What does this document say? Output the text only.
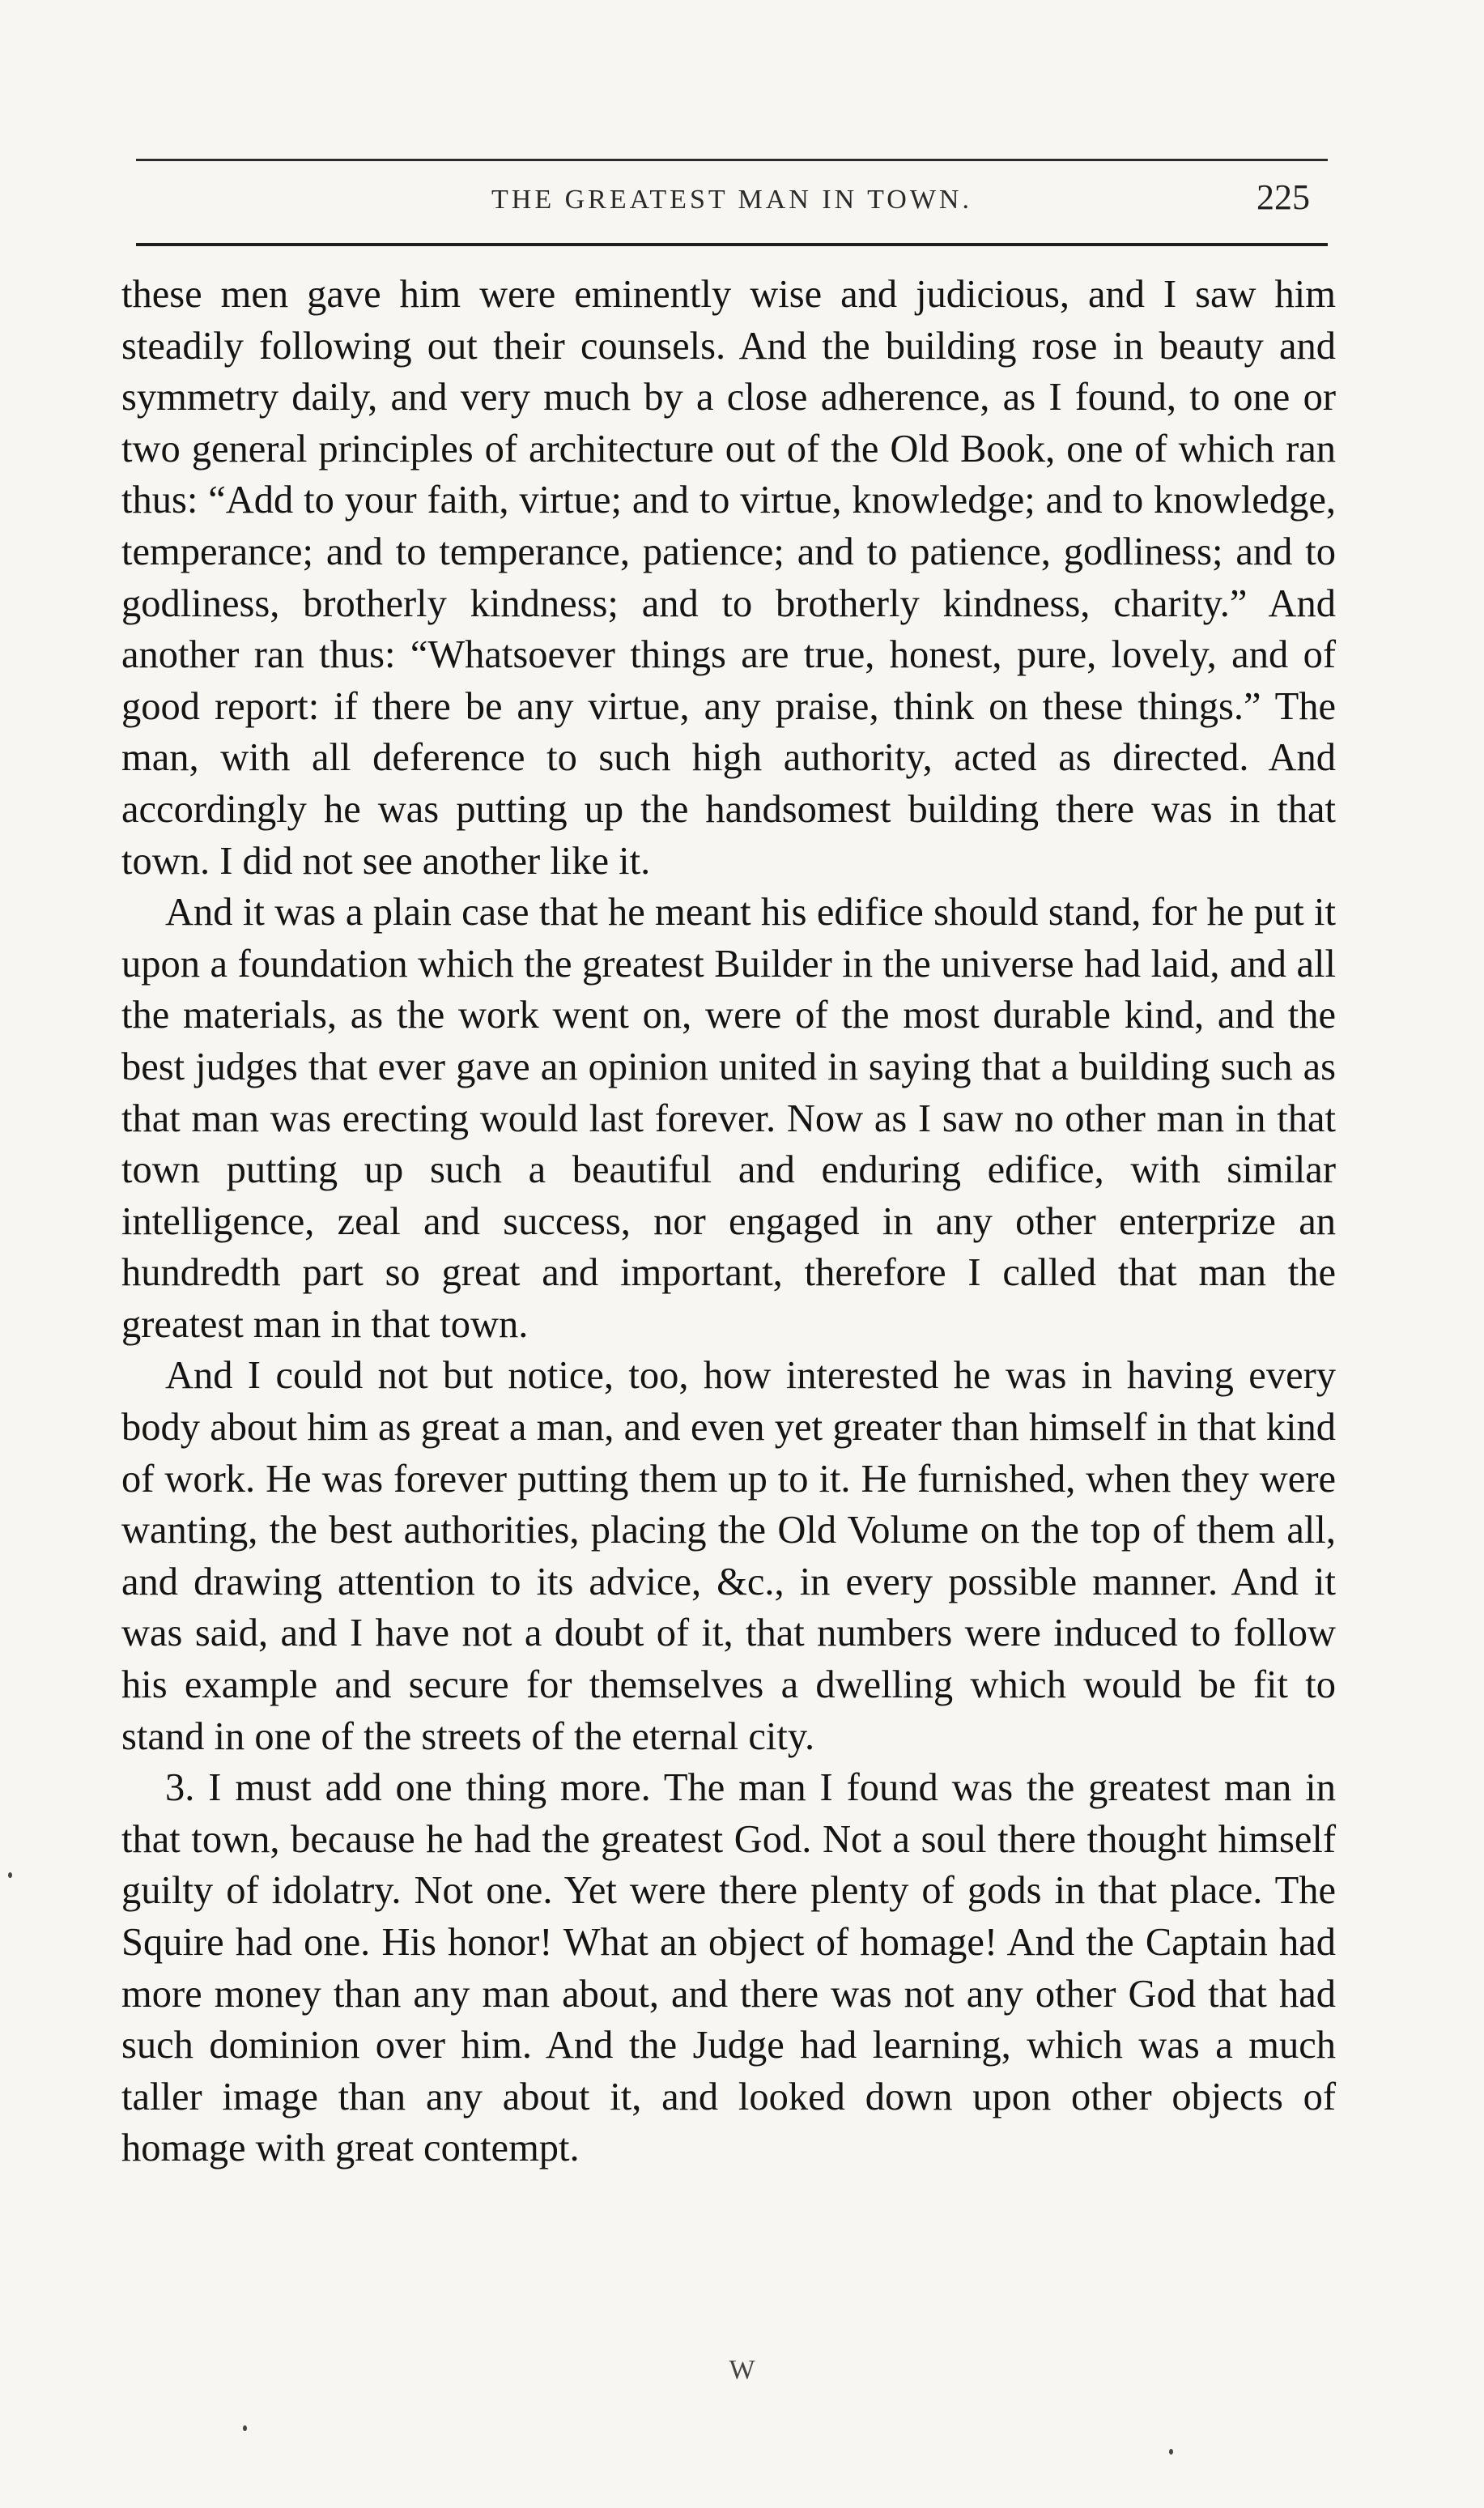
THE GREATEST MAN IN TOWN.	225

these men gave him were eminently wise and judicious, and I saw him steadily following out their counsels. And the building rose in beauty and symmetry daily, and very much by a close adherence, as I found, to one or two general principles of architecture out of the Old Book, one of which ran thus: “Add to your faith, virtue; and to virtue, knowledge; and to knowledge, temperance; and to temperance, patience; and to patience, godliness; and to godliness, brotherly kindness; and to brotherly kindness, charity.” And another ran thus: “Whatsoever things are true, honest, pure, lovely, and of good report: if there be any virtue, any praise, think on these things.” The man, with all deference to such high authority, acted as directed. And accordingly he was putting up the handsomest building there was in that town. I did not see another like it.

And it was a plain case that he meant his edifice should stand, for he put it upon a foundation which the greatest Builder in the universe had laid, and all the materials, as the work went on, were of the most durable kind, and the best judges that ever gave an opinion united in saying that a building such as that man was erecting would last forever. Now as I saw no other man in that town putting up such a beautiful and enduring edifice, with similar intelligence, zeal and success, nor engaged in any other enterprize an hundredth part so great and important, therefore I called that man the greatest man in that town.

And I could not but notice, too, how interested he was in having every body about him as great a man, and even yet greater than himself in that kind of work. He was forever putting them up to it. He furnished, when they were wanting, the best authorities, placing the Old Volume on the top of them all, and drawing attention to its advice, &c., in every possible manner. And it was said, and I have not a doubt of it, that numbers were induced to follow his example and secure for themselves a dwelling which would be fit to stand in one of the streets of the eternal city.

3. I must add one thing more. The man I found was the greatest man in that town, because he had the greatest God. Not a soul there thought himself guilty of idolatry. Not one. Yet were there plenty of gods in that place. The Squire had one. His honor! What an object of homage! And the Captain had more money than any man about, and there was not any other God that had such dominion over him. And the Judge had learning, which was a much taller image than any about it, and looked down upon other objects of homage with great contempt.

W
